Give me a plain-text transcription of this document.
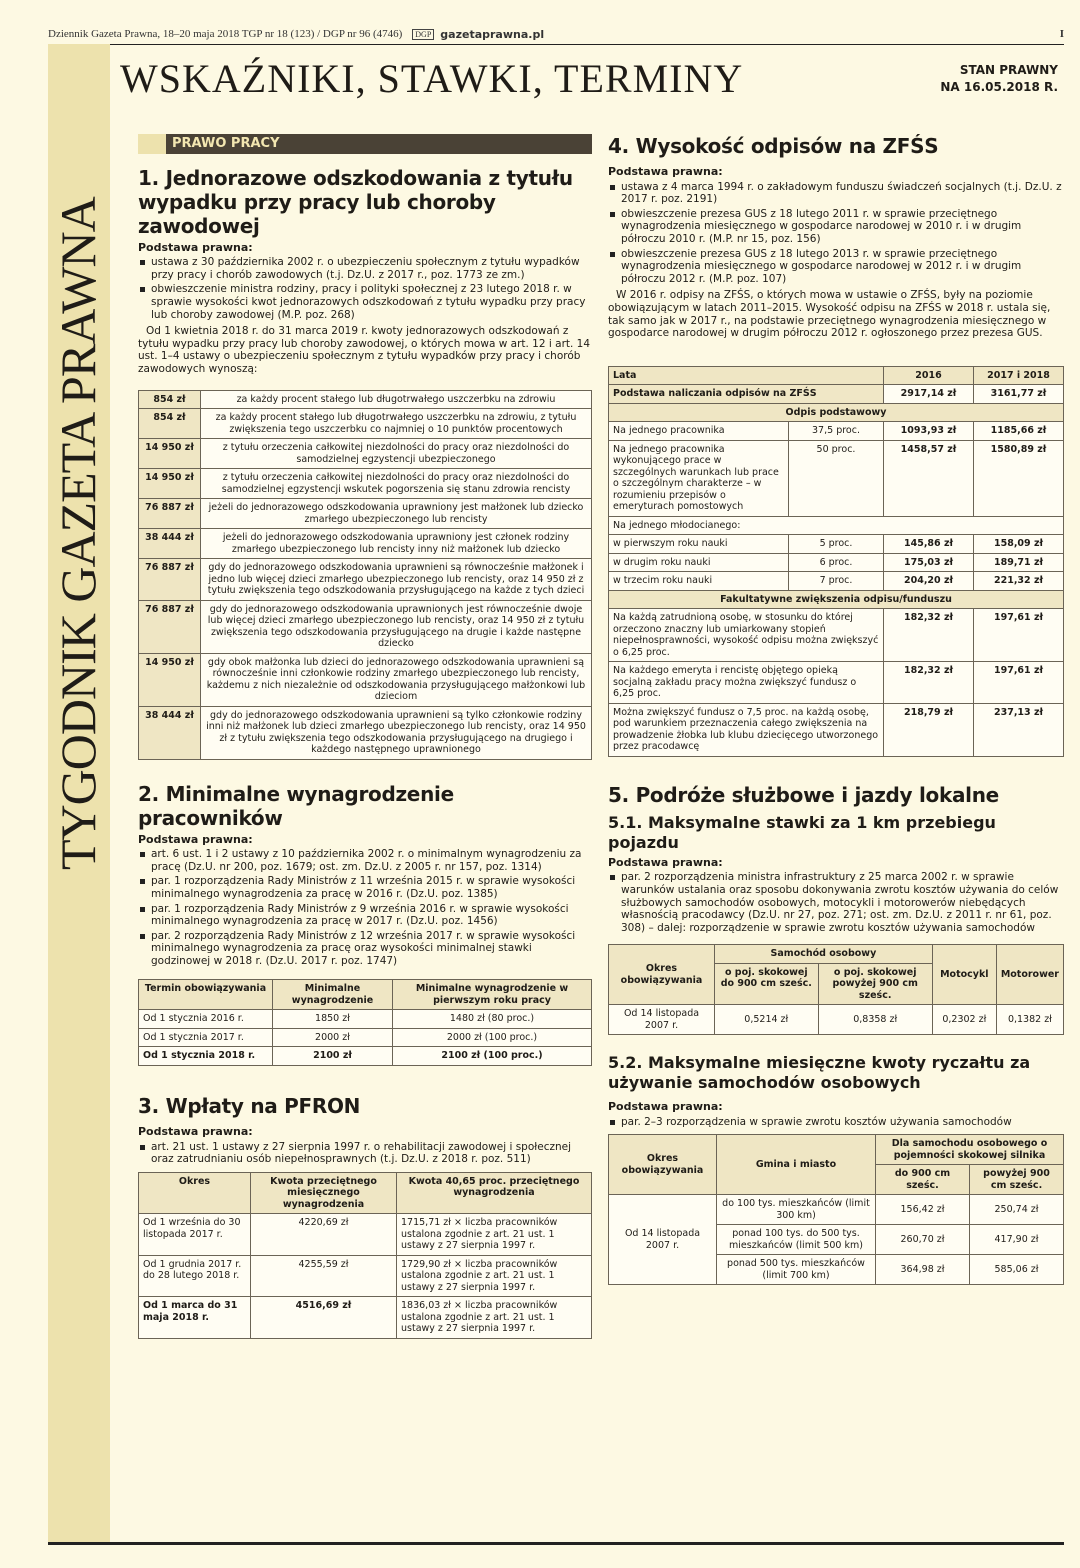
Dziennik Gazeta Prawna, 18–20 maja 2018 TGP nr 18 (123) / DGP nr 96 (4746)	DGP gazetaprawna.pl	I
TYGODNIK GAZETA PRAWNA
WSKAŹNIKI, STAWKI, TERMINY	STAN PRAWNY
NA 16.05.2018 R.
PRAWO PRACY
1. Jednorazowe odszkodowania z tytułu wypadku przy pracy lub choroby zawodowej
Podstawa prawna:
ustawa z 30 października 2002 r. o ubezpieczeniu społecznym z tytułu wypadków przy pracy i chorób zawodowych (t.j. Dz.U. z 2017 r., poz. 1773 ze zm.)
obwieszczenie ministra rodziny, pracy i polityki społecznej z 23 lutego 2018 r. w sprawie wysokości kwot jednorazowych odszkodowań z tytułu wypadku przy pracy lub choroby zawodowej (M.P. poz. 268)
Od 1 kwietnia 2018 r. do 31 marca 2019 r. kwoty jednorazowych odszkodowań z tytułu wypadku przy pracy lub choroby zawodowej, o których mowa w art. 12 i art. 14 ust. 1–4 ustawy o ubezpieczeniu społecznym z tytułu wypadków przy pracy i chorób zawodowych wynoszą:
854 zł	za każdy procent stałego lub długotrwałego uszczerbku na zdrowiu
854 zł	za każdy procent stałego lub długotrwałego uszczerbku na zdrowiu, z tytułu zwiększenia tego uszczerbku co najmniej o 10 punktów procentowych
14 950 zł	z tytułu orzeczenia całkowitej niezdolności do pracy oraz niezdolności do samodzielnej egzystencji ubezpieczonego
14 950 zł	z tytułu orzeczenia całkowitej niezdolności do pracy oraz niezdolności do samodzielnej egzystencji wskutek pogorszenia się stanu zdrowia rencisty
76 887 zł	jeżeli do jednorazowego odszkodowania uprawniony jest małżonek lub dziecko zmarłego ubezpieczonego lub rencisty
38 444 zł	jeżeli do jednorazowego odszkodowania uprawniony jest członek rodziny zmarłego ubezpieczonego lub rencisty inny niż małżonek lub dziecko
76 887 zł	gdy do jednorazowego odszkodowania uprawnieni są równocześnie małżonek i jedno lub więcej dzieci zmarłego ubezpieczonego lub rencisty, oraz 14 950 zł z tytułu zwiększenia tego odszkodowania przysługującego na każde z tych dzieci
76 887 zł	gdy do jednorazowego odszkodowania uprawnionych jest równocześnie dwoje lub więcej dzieci zmarłego ubezpieczonego lub rencisty, oraz 14 950 zł z tytułu zwiększenia tego odszkodowania przysługującego na drugie i każde następne dziecko
14 950 zł	gdy obok małżonka lub dzieci do jednorazowego odszkodowania uprawnieni są równocześnie inni członkowie rodziny zmarłego ubezpieczonego lub rencisty, każdemu z nich niezależnie od odszkodowania przysługującego małżonkowi lub dzieciom
38 444 zł	gdy do jednorazowego odszkodowania uprawnieni są tylko członkowie rodziny inni niż małżonek lub dzieci zmarłego ubezpieczonego lub rencisty, oraz 14 950 zł z tytułu zwiększenia tego odszkodowania przysługującego na drugiego i każdego następnego uprawnionego
2. Minimalne wynagrodzenie pracowników
Podstawa prawna:
art. 6 ust. 1 i 2 ustawy z 10 października 2002 r. o minimalnym wynagrodzeniu za pracę (Dz.U. nr 200, poz. 1679; ost. zm. Dz.U. z 2005 r. nr 157, poz. 1314)
par. 1 rozporządzenia Rady Ministrów z 11 września 2015 r. w sprawie wysokości minimalnego wynagrodzenia za pracę w 2016 r. (Dz.U. poz. 1385)
par. 1 rozporządzenia Rady Ministrów z 9 września 2016 r. w sprawie wysokości minimalnego wynagrodzenia za pracę w 2017 r. (Dz.U. poz. 1456)
par. 2 rozporządzenia Rady Ministrów z 12 września 2017 r. w sprawie wysokości minimalnego wynagrodzenia za pracę oraz wysokości minimalnej stawki godzinowej w 2018 r. (Dz.U. 2017 r. poz. 1747)
Termin obowiązywania	Minimalne wynagrodzenie	Minimalne wynagrodzenie w pierwszym roku pracy
Od 1 stycznia 2016 r.	1850 zł	1480 zł (80 proc.)
Od 1 stycznia 2017 r.	2000 zł	2000 zł (100 proc.)
Od 1 stycznia 2018 r.	2100 zł	2100 zł (100 proc.)
3. Wpłaty na PFRON
Podstawa prawna:
art. 21 ust. 1 ustawy z 27 sierpnia 1997 r. o rehabilitacji zawodowej i społecznej oraz zatrudnianiu osób niepełnosprawnych (t.j. Dz.U. z 2018 r. poz. 511)
Okres	Kwota przeciętnego miesięcznego wynagrodzenia	Kwota 40,65 proc. przeciętnego wynagrodzenia
Od 1 września do 30 listopada 2017 r.	4220,69 zł	1715,71 zł × liczba pracowników ustalona zgodnie z art. 21 ust. 1 ustawy z 27 sierpnia 1997 r.
Od 1 grudnia 2017 r. do 28 lutego 2018 r.	4255,59 zł	1729,90 zł × liczba pracowników ustalona zgodnie z art. 21 ust. 1 ustawy z 27 sierpnia 1997 r.
Od 1 marca do 31 maja 2018 r.	4516,69 zł	1836,03 zł × liczba pracowników ustalona zgodnie z art. 21 ust. 1 ustawy z 27 sierpnia 1997 r.
4. Wysokość odpisów na ZFŚS
Podstawa prawna:
ustawa z 4 marca 1994 r. o zakładowym funduszu świadczeń socjalnych (t.j. Dz.U. z 2017 r. poz. 2191)
obwieszczenie prezesa GUS z 18 lutego 2011 r. w sprawie przeciętnego wynagrodzenia miesięcznego w gospodarce narodowej w 2010 r. i w drugim półroczu 2010 r. (M.P. nr 15, poz. 156)
obwieszczenie prezesa GUS z 18 lutego 2013 r. w sprawie przeciętnego wynagrodzenia miesięcznego w gospodarce narodowej w 2012 r. i w drugim półroczu 2012 r. (M.P. poz. 107)
W 2016 r. odpisy na ZFŚS, o których mowa w ustawie o ZFŚS, były na poziomie obowiązującym w latach 2011–2015. Wysokość odpisu na ZFŚS w 2018 r. ustala się, tak samo jak w 2017 r., na podstawie przeciętnego wynagrodzenia miesięcznego w gospodarce narodowej w drugim półroczu 2012 r. ogłoszonego przez prezesa GUS.
Lata		2016	2017 i 2018
Podstawa naliczania odpisów na ZFŚS		2917,14 zł	3161,77 zł
Odpis podstawowy			
Na jednego pracownika	37,5 proc.	1093,93 zł	1185,66 zł
Na jednego pracownika wykonującego prace w szczególnych warunkach lub prace o szczególnym charakterze – w rozumieniu przepisów o emeryturach pomostowych	50 proc.	1458,57 zł	1580,89 zł
Na jednego młodocianego:			
w pierwszym roku nauki	5 proc.	145,86 zł	158,09 zł
w drugim roku nauki	6 proc.	175,03 zł	189,71 zł
w trzecim roku nauki	7 proc.	204,20 zł	221,32 zł
Fakultatywne zwiększenia odpisu/funduszu			
Na każdą zatrudnioną osobę, w stosunku do której orzeczono znaczny lub umiarkowany stopień niepełnosprawności, wysokość odpisu można zwiększyć o 6,25 proc.		182,32 zł	197,61 zł
Na każdego emeryta i rencistę objętego opieką socjalną zakładu pracy można zwiększyć fundusz o 6,25 proc.		182,32 zł	197,61 zł
Można zwiększyć fundusz o 7,5 proc. na każdą osobę, pod warunkiem przeznaczenia całego zwiększenia na prowadzenie żłobka lub klubu dziecięcego utworzonego przez pracodawcę		218,79 zł	237,13 zł
5. Podróże służbowe i jazdy lokalne
5.1. Maksymalne stawki za 1 km przebiegu pojazdu
Podstawa prawna:
par. 2 rozporządzenia ministra infrastruktury z 25 marca 2002 r. w sprawie warunków ustalania oraz sposobu dokonywania zwrotu kosztów używania do celów służbowych samochodów osobowych, motocykli i motorowerów niebędących własnością pracodawcy (Dz.U. nr 27, poz. 271; ost. zm. Dz.U. z 2011 r. nr 61, poz. 308) – dalej: rozporządzenie w sprawie zwrotu kosztów używania samochodów
Okres obowiązywania	Samochód osobowy		Motocykl	Motorower
	o poj. skokowej do 900 cm sześc.	o poj. skokowej powyżej 900 cm sześc.		
Od 14 listopada 2007 r.	0,5214 zł	0,8358 zł	0,2302 zł	0,1382 zł
5.2. Maksymalne miesięczne kwoty ryczałtu za używanie samochodów osobowych
Podstawa prawna:
par. 2–3 rozporządzenia w sprawie zwrotu kosztów używania samochodów
Okres obowiązywania	Gmina i miasto	Dla samochodu osobowego o pojemności skokowej silnika	
		do 900 cm sześc.	powyżej 900 cm sześc.
Od 14 listopada 2007 r.	do 100 tys. mieszkańców (limit 300 km)	156,42 zł	250,74 zł
	ponad 100 tys. do 500 tys. mieszkańców (limit 500 km)	260,70 zł	417,90 zł
	ponad 500 tys. mieszkańców (limit 700 km)	364,98 zł	585,06 zł
